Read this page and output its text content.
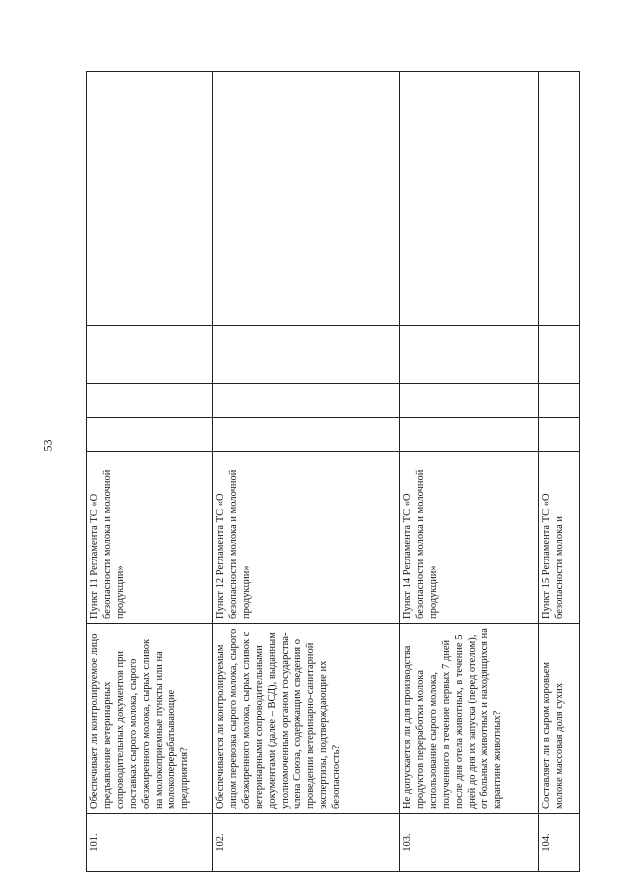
53
101.	Обеспечивает ли контролируемое лицо предъявление ветеринарных сопроводительных документов при поставках сырого молока, сырого обезжиренного молока, сырых сливок на молокоприемные пункты или на молокоперерабатывающие предприятия?	Пункт 11 Регламента ТС «О безопасности молока и молочной продукции»				
102.	Обеспечивается ли контролируемым лицом перевозка сырого молока, сырого обезжиренного молока, сырых сливок с ветеринарными сопроводительными документами (далее – ВСД), выданным уполномоченным органом государства-члена Союза, содержащим сведения о проведении ветеринарно-санитарной экспертизы, подтверждающие их безопасность?	Пункт 12 Регламента ТС «О безопасности молока и молочной продукции»				
103.	Не допускается ли для производства продуктов переработки молока использование сырого молока, полученного в течение первых 7 дней после дня отела животных, в течение 5 дней до дня их запуска (перед отелом), от больных животных и находящихся на карантине животных?	Пункт 14 Регламента ТС «О безопасности молока и молочной продукции»				
104.	Составляет ли в сыром коровьем молоке массовая доля сухих	Пункт 15 Регламента ТС «О безопасности молока и				
